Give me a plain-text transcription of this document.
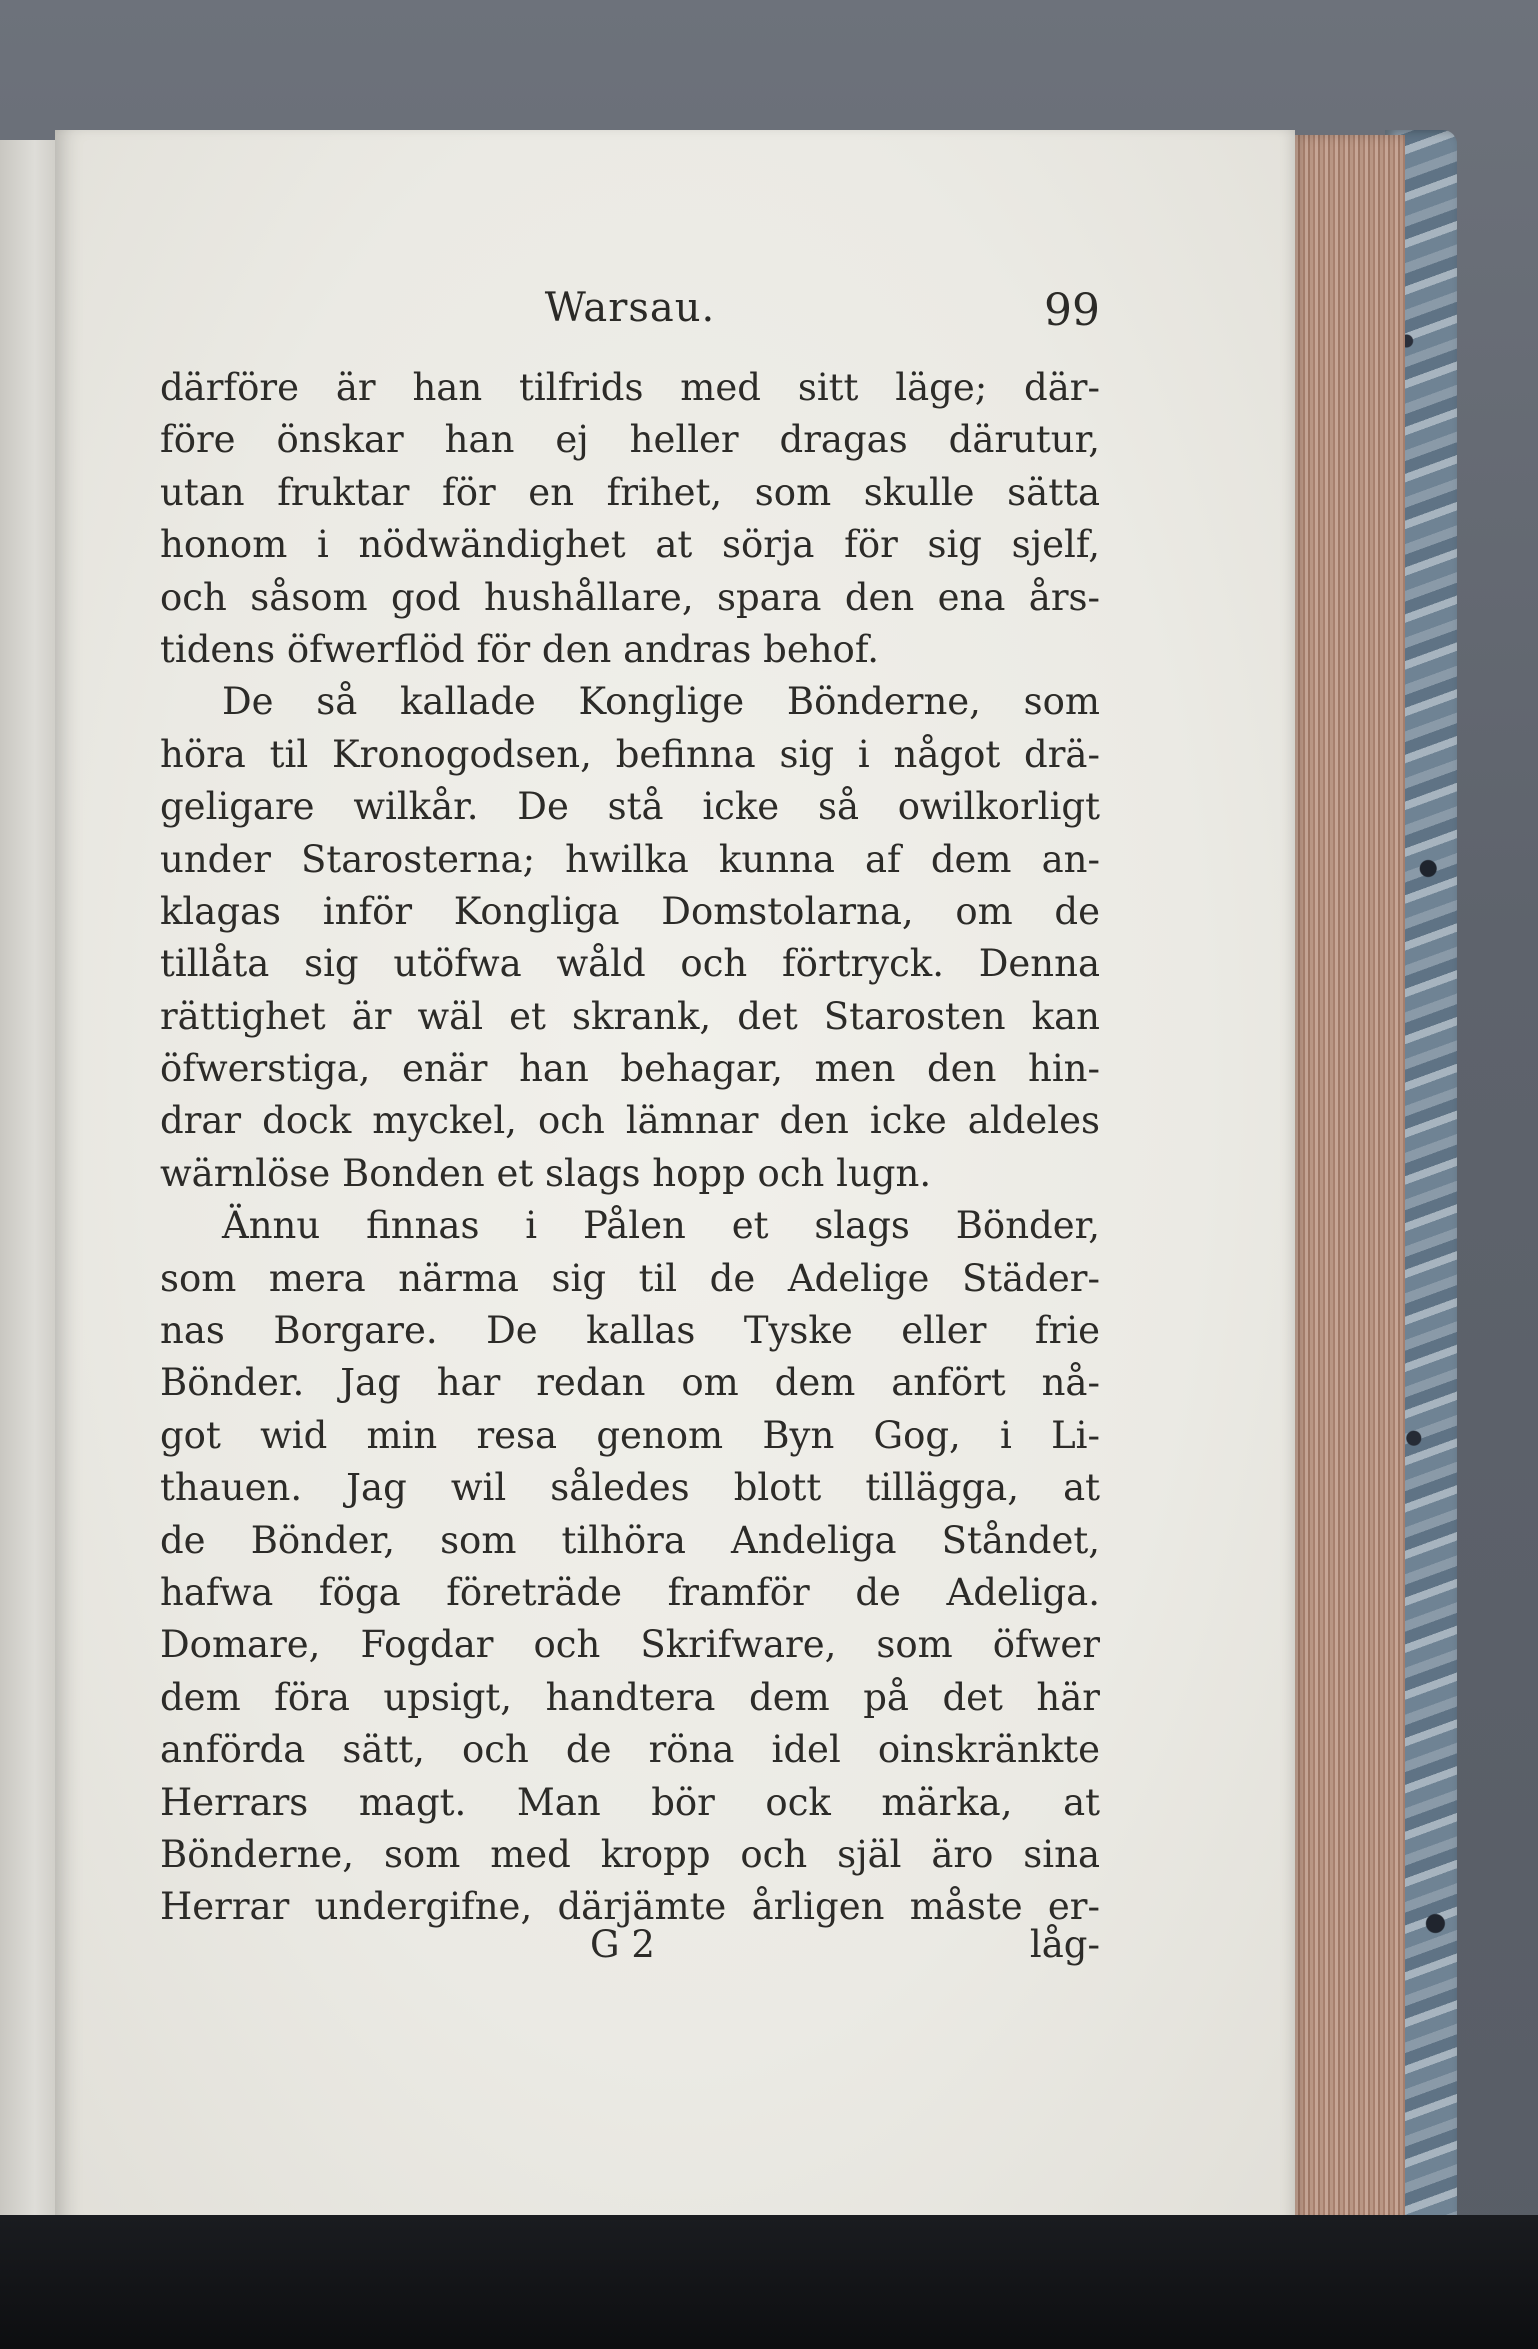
Warsau.	99
därföre är han tilfrids med sitt läge; där-
före önskar han ej heller dragas därutur,
utan fruktar för en frihet, som skulle sätta
honom i nödwändighet at sörja för sig sjelf,
och såsom god hushållare, spara den ena års-
tidens öfwerflöd för den andras behof.
De så kallade Konglige Bönderne, som
höra til Kronogodsen, befinna sig i något drä-
geligare wilkår. De stå icke så owilkorligt
under Starosterna; hwilka kunna af dem an-
klagas inför Kongliga Domstolarna, om de
tillåta sig utöfwa wåld och förtryck. Denna
rättighet är wäl et skrank, det Starosten kan
öfwerstiga, enär han behagar, men den hin-
drar dock myckel, och lämnar den icke aldeles
wärnlöse Bonden et slags hopp och lugn.
Ännu finnas i Pålen et slags Bönder,
som mera närma sig til de Adelige Städer-
nas Borgare. De kallas Tyske eller frie
Bönder. Jag har redan om dem anfört nå-
got wid min resa genom Byn Gog, i Li-
thauen. Jag wil således blott tillägga, at
de Bönder, som tilhöra Andeliga Ståndet,
hafwa föga företräde framför de Adeliga.
Domare, Fogdar och Skrifware, som öfwer
dem föra upsigt, handtera dem på det här
anförda sätt, och de röna idel oinskränkte
Herrars magt. Man bör ock märka, at
Bönderne, som med kropp och själ äro sina
Herrar undergifne, därjämte årligen måste er-
G 2	låg-
